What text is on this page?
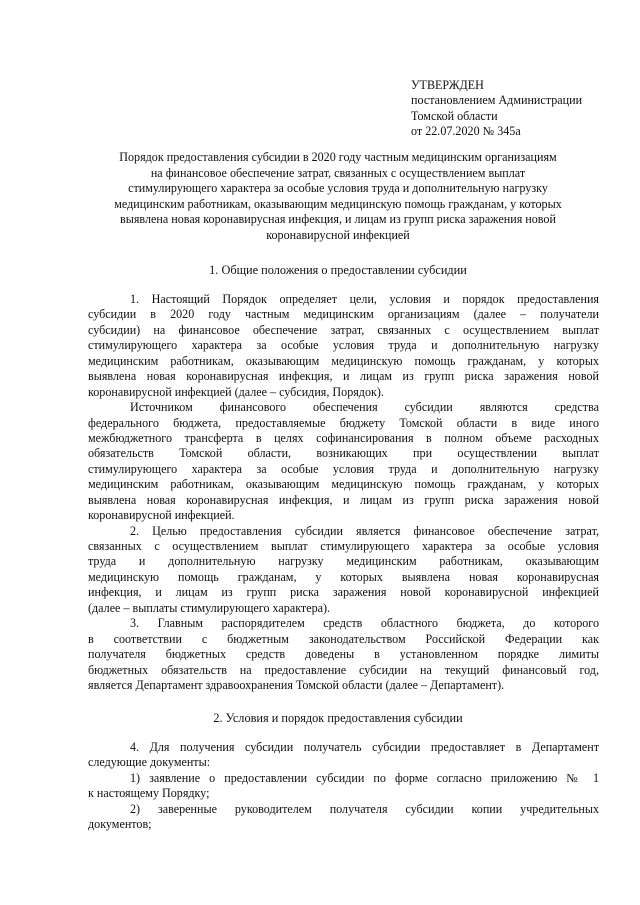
УТВЕРЖДЕН
постановлением Администрации
Томской области
от 22.07.2020 № 345а
Порядок предоставления субсидии в 2020 году частным медицинским организациям
на финансовое обеспечение затрат, связанных с осуществлением выплат
стимулирующего характера за особые условия труда и дополнительную нагрузку
медицинским работникам, оказывающим медицинскую помощь гражданам, у которых
выявлена новая коронавирусная инфекция, и лицам из групп риска заражения новой
коронавирусной инфекцией
1. Общие положения о предоставлении субсидии
1. Настоящий Порядок определяет цели, условия и порядок предоставления
субсидии в 2020 году частным медицинским организациям (далее – получатели
субсидии) на финансовое обеспечение затрат, связанных с осуществлением выплат
стимулирующего характера за особые условия труда и дополнительную нагрузку
медицинским работникам, оказывающим медицинскую помощь гражданам, у которых
выявлена новая коронавирусная инфекция, и лицам из групп риска заражения новой
коронавирусной инфекцией (далее – субсидия, Порядок).
Источником финансового обеспечения субсидии являются средства
федерального бюджета, предоставляемые бюджету Томской области в виде иного
межбюджетного трансферта в целях софинансирования в полном объеме расходных
обязательств Томской области, возникающих при осуществлении выплат
стимулирующего характера за особые условия труда и дополнительную нагрузку
медицинским работникам, оказывающим медицинскую помощь гражданам, у которых
выявлена новая коронавирусная инфекция, и лицам из групп риска заражения новой
коронавирусной инфекцией.
2. Целью предоставления субсидии является финансовое обеспечение затрат,
связанных с осуществлением выплат стимулирующего характера за особые условия
труда и дополнительную нагрузку медицинским работникам, оказывающим
медицинскую помощь гражданам, у которых выявлена новая коронавирусная
инфекция, и лицам из групп риска заражения новой коронавирусной инфекцией
(далее – выплаты стимулирующего характера).
3. Главным распорядителем средств областного бюджета, до которого
в соответствии с бюджетным законодательством Российской Федерации как
получателя бюджетных средств доведены в установленном порядке лимиты
бюджетных обязательств на предоставление субсидии на текущий финансовый год,
является Департамент здравоохранения Томской области (далее – Департамент).
2. Условия и порядок предоставления субсидии
4. Для получения субсидии получатель субсидии предоставляет в Департамент
следующие документы:
1) заявление о предоставлении субсидии по форме согласно приложению № 1
к настоящему Порядку;
2) заверенные руководителем получателя субсидии копии учредительных
документов;
